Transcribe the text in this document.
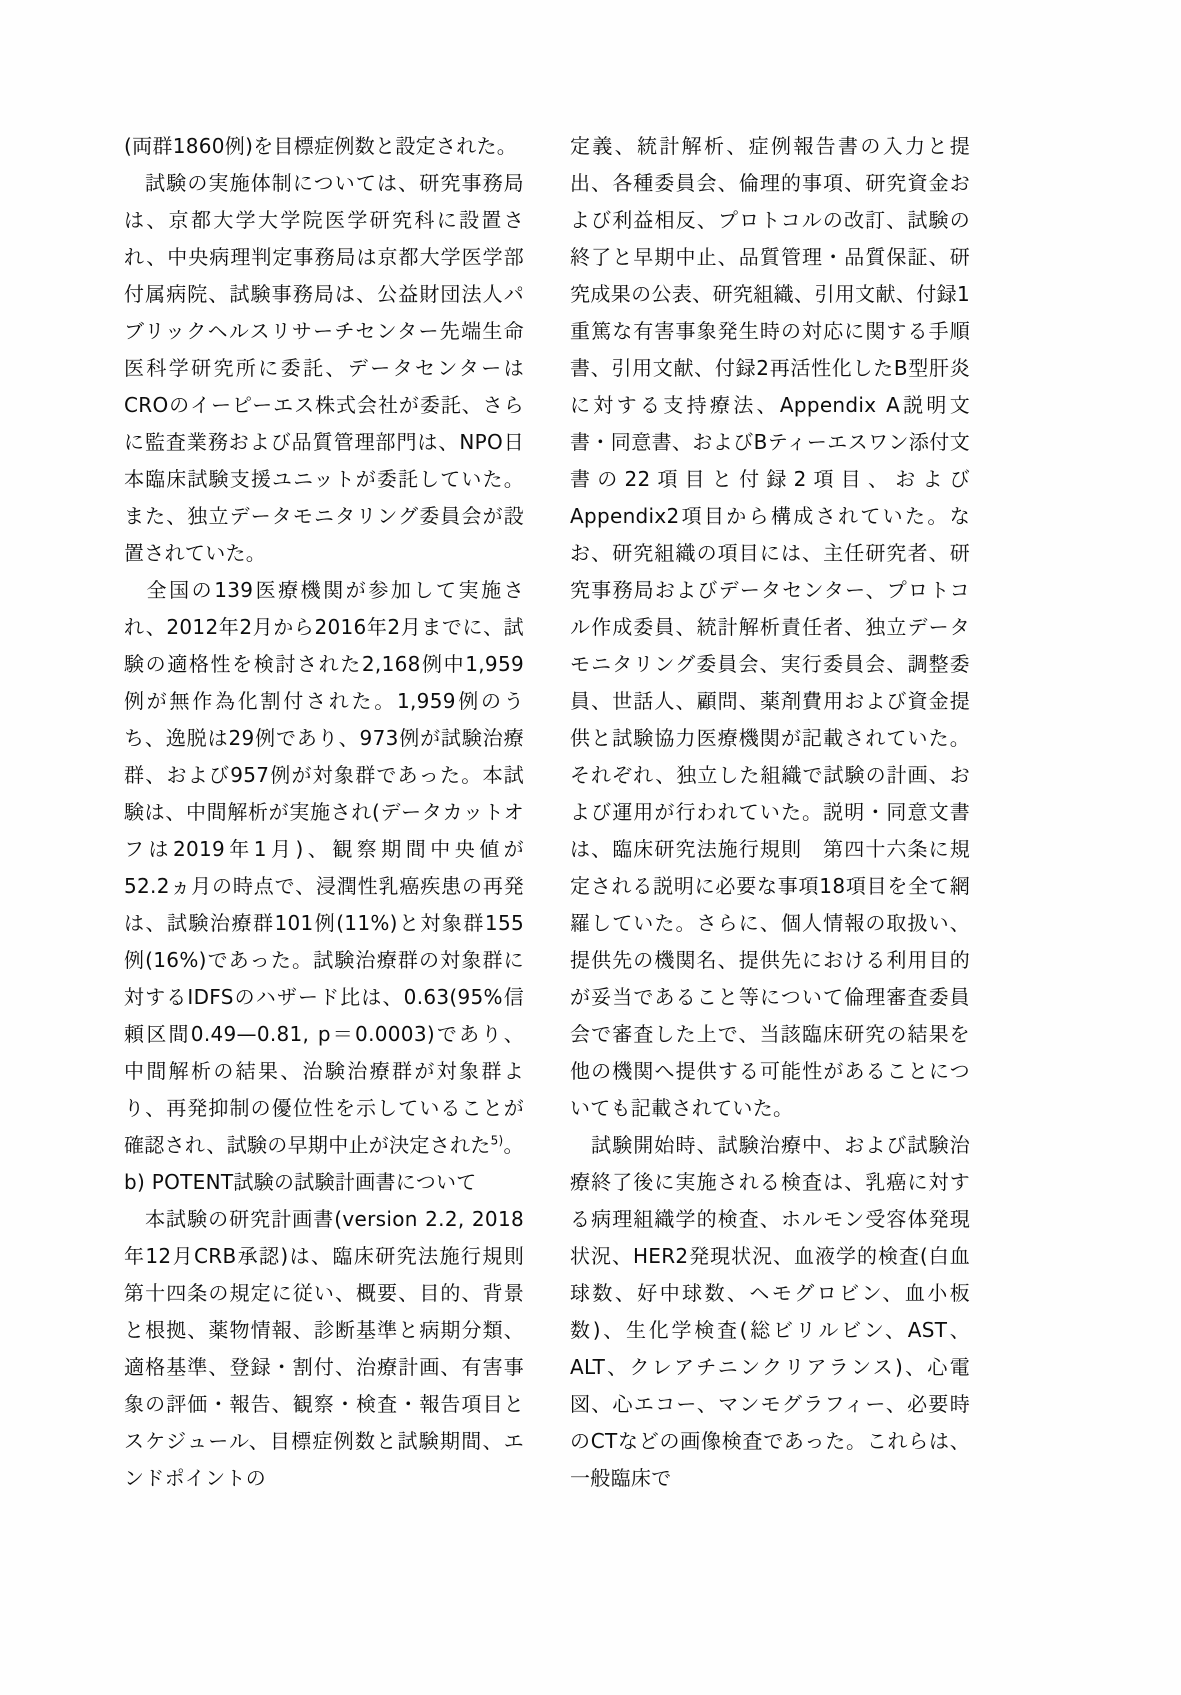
(両群1860例)を目標症例数と設定された。

　試験の実施体制については、研究事務局は、京都大学大学院医学研究科に設置され、中央病理判定事務局は京都大学医学部付属病院、試験事務局は、公益財団法人パブリックヘルスリサーチセンター先端生命医科学研究所に委託、データセンターはCROのイーピーエス株式会社が委託、さらに監査業務および品質管理部門は、NPO日本臨床試験支援ユニットが委託していた。また、独立データモニタリング委員会が設置されていた。

　全国の139医療機関が参加して実施され、2012年2月から2016年2月までに、試験の適格性を検討された2,168例中1,959例が無作為化割付された。1,959例のうち、逸脱は29例であり、973例が試験治療群、および957例が対象群であった。本試験は、中間解析が実施され(データカットオフは2019年1月)、観察期間中央値が52.2ヵ月の時点で、浸潤性乳癌疾患の再発は、試験治療群101例(11%)と対象群155例(16%)であった。試験治療群の対象群に対するIDFSのハザード比は、0.63(95%信頼区間0.49—0.81, p＝0.0003)であり、中間解析の結果、治験治療群が対象群より、再発抑制の優位性を示していることが確認され、試験の早期中止が決定された$^{5)}$。

b) POTENT試験の試験計画書について

　本試験の研究計画書(version 2.2, 2018年12月CRB承認)は、臨床研究法施行規則　第十四条の規定に従い、概要、目的、背景と根拠、薬物情報、診断基準と病期分類、適格基準、登録・割付、治療計画、有害事象の評価・報告、観察・検査・報告項目とスケジュール、目標症例数と試験期間、エンドポイントの

定義、統計解析、症例報告書の入力と提出、各種委員会、倫理的事項、研究資金および利益相反、プロトコルの改訂、試験の終了と早期中止、品質管理・品質保証、研究成果の公表、研究組織、引用文献、付録1重篤な有害事象発生時の対応に関する手順書、引用文献、付録2再活性化したB型肝炎に対する支持療法、Appendix A説明文書・同意書、およびBティーエスワン添付文書の22項目と付録2項目、およびAppendix2項目から構成されていた。なお、研究組織の項目には、主任研究者、研究事務局およびデータセンター、プロトコル作成委員、統計解析責任者、独立データモニタリング委員会、実行委員会、調整委員、世話人、顧問、薬剤費用および資金提供と試験協力医療機関が記載されていた。それぞれ、独立した組織で試験の計画、および運用が行われていた。説明・同意文書は、臨床研究法施行規則　第四十六条に規定される説明に必要な事項18項目を全て網羅していた。さらに、個人情報の取扱い、提供先の機関名、提供先における利用目的が妥当であること等について倫理審査委員会で審査した上で、当該臨床研究の結果を他の機関へ提供する可能性があることについても記載されていた。

　試験開始時、試験治療中、および試験治療終了後に実施される検査は、乳癌に対する病理組織学的検査、ホルモン受容体発現状況、HER2発現状況、血液学的検査(白血球数、好中球数、ヘモグロビン、血小板数)、生化学検査(総ビリルビン、AST、ALT、クレアチニンクリアランス)、心電図、心エコー、マンモグラフィー、必要時のCTなどの画像検査であった。これらは、一般臨床で
